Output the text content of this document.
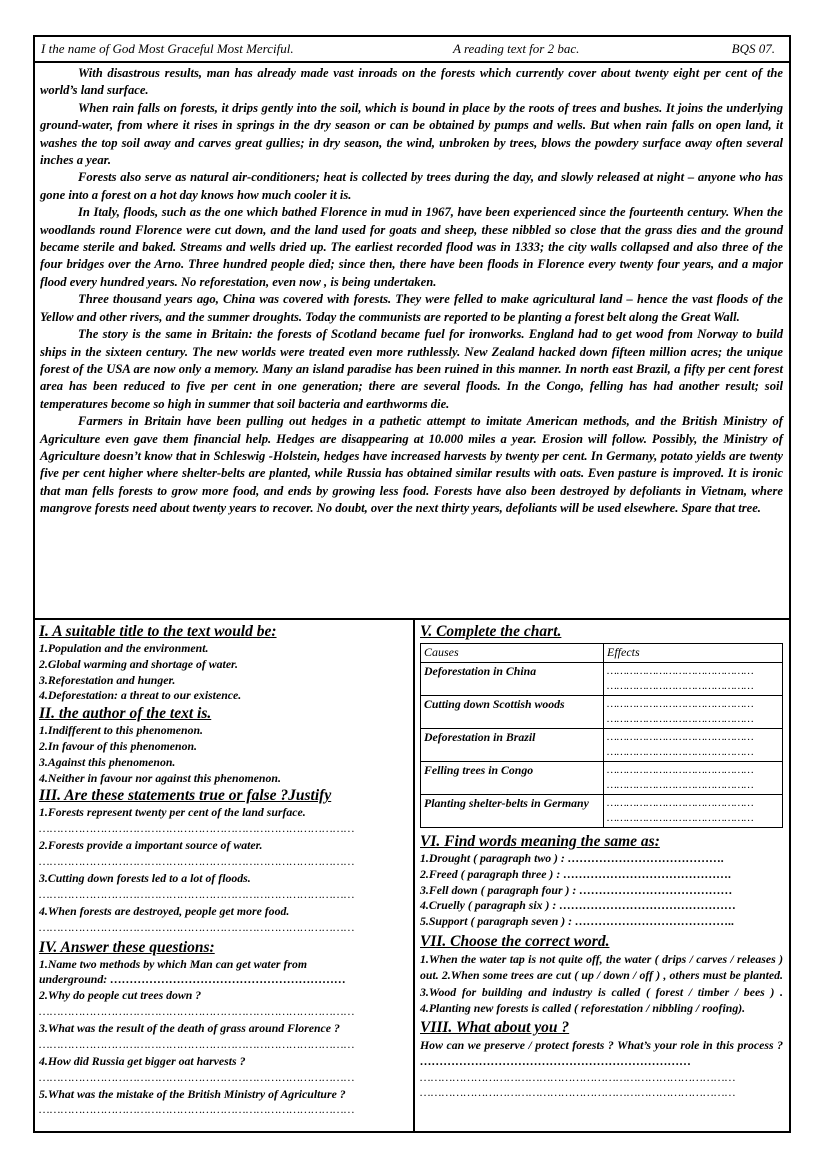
I the name of God Most Graceful Most Merciful.	A reading text for 2 bac.	BQS 07.

With disastrous results, man has already made vast inroads on the forests which currently cover about twenty eight per cent of the world’s land surface.

When rain falls on forests, it drips gently into the soil, which is bound in place by the roots of trees and bushes. It joins the underlying ground-water, from where it rises in springs in the dry season or can be obtained by pumps and wells. But when rain falls on open land, it washes the top soil away and carves great gullies; in dry season, the wind, unbroken by trees, blows the powdery surface away often several inches a year.

Forests also serve as natural air-conditioners; heat is collected by trees during the day, and slowly released at night – anyone who has gone into a forest on a hot day knows how much cooler it is.

In Italy, floods, such as the one which bathed Florence in mud in 1967, have been experienced since the fourteenth century. When the woodlands round Florence were cut down, and the land used for goats and sheep, these nibbled so close that the grass dies and the ground became sterile and baked. Streams and wells dried up. The earliest recorded flood was in 1333; the city walls collapsed and also three of the four bridges over the Arno. Three hundred people died; since then, there have been floods in Florence every twenty four years, and a major flood every hundred years. No reforestation, even now , is being undertaken.

Three thousand years ago, China was covered with forests. They were felled to make agricultural land – hence the vast floods of the Yellow and other rivers, and the summer droughts. Today the communists are reported to be planting a forest belt along the Great Wall.

The story is the same in Britain: the forests of Scotland became fuel for ironworks. England had to get wood from Norway to build ships in the sixteen century. The new worlds were treated even more ruthlessly. New Zealand hacked down fifteen million acres; the unique forest of the USA are now only a memory. Many an island paradise has been ruined in this manner. In north east Brazil, a fifty per cent forest area has been reduced to five per cent in one generation; there are several floods. In the Congo, felling has had another result; soil temperatures become so high in summer that soil bacteria and earthworms die.

Farmers in Britain have been pulling out hedges in a pathetic attempt to imitate American methods, and the British Ministry of Agriculture even gave them financial help. Hedges are disappearing at 10.000 miles a year. Erosion will follow. Possibly, the Ministry of Agriculture doesn’t know that in Schleswig -Holstein, hedges have increased harvests by twenty per cent. In Germany, potato yields are twenty five per cent higher where shelter-belts are planted, while Russia has obtained similar results with oats. Even pasture is improved. It is ironic that man fells forests to grow more food, and ends by growing less food. Forests have also been destroyed by defoliants in Vietnam, where mangrove forests need about twenty years to recover. No doubt, over the next thirty years, defoliants will be used elsewhere. Spare that tree.

I. A suitable title to the text would be:

1.Population and the environment.

2.Global warming and shortage of water.

3.Reforestation and hunger.

4.Deforestation: a threat to our existence.

II. the author of the text is.

1.Indifferent to this phenomenon.

2.In favour of this phenomenon.

3.Against this phenomenon.

4.Neither in favour nor against this phenomenon.

III. Are these statements true or false ?Justify

1.Forests represent twenty per cent of the land surface.

……………………………………………………………………………

2.Forests provide a important source of water.

……………………………………………………………………………

3.Cutting down forests led to a lot of floods.

……………………………………………………………………………

4.When forests are destroyed, people get more food.

……………………………………………………………………………

IV. Answer these questions:

1.Name two methods by which Man can get water from

underground: ……………………………………………………

2.Why do people cut trees down ?

……………………………………………………………………………

3.What was the result of the death of grass around Florence ?

……………………………………………………………………………

4.How did Russia get bigger oat harvests ?

……………………………………………………………………………

5.What was the mistake of the British Ministry of Agriculture ?

……………………………………………………………………………

V. Complete the chart.

Causes	Effects
Deforestation in China	………………………………………
………………………………………

Cutting down Scottish woods	………………………………………
………………………………………

Deforestation in Brazil	………………………………………
………………………………………

Felling trees in Congo	………………………………………
………………………………………

Planting shelter-belts in Germany	………………………………………
………………………………………

VI. Find words meaning the same as:

1.Drought ( paragraph two ) : ………………………………….

2.Freed ( paragraph three ) : …………………………………….

3.Fell down ( paragraph four ) : …………………………………

4.Cruelly ( paragraph six ) : ………………………………………

5.Support ( paragraph seven ) : …………………………………..

VII. Choose the correct word.

1.When the water tap is not quite off, the water ( drips / carves / releases ) out. 2.When some trees are cut ( up / down / off ) , others must be planted. 3.Wood for building and industry is called ( forest / timber / bees ) . 4.Planting new forests is called ( reforestation / nibbling / roofing).

VIII. What about you ?

How can we preserve / protect forests ? What’s your role in this process ? ……………………………………………………………

……………………………………………………………………………
……………………………………………………………………………
